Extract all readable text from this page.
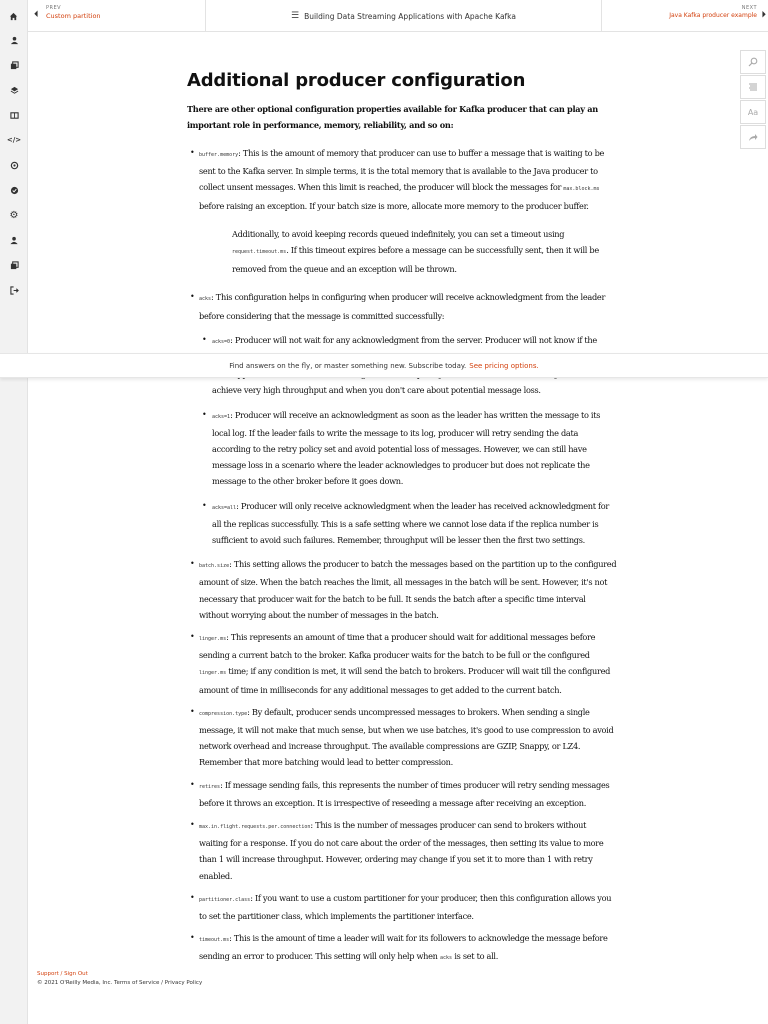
⏴
PREV
Custom partition	☰ Building Data Streaming Applications with Apache Kafka
NEXT
Java Kafka producer example ⏵
</>
⚙
Aa
Additional producer configuration

There are other optional configuration properties available for Kafka producer that can play an important role in performance, memory, reliability, and so on:

• buffer.memory: This is the amount of memory that producer can use to buffer a message that is waiting to be sent to the Kafka server. In simple terms, it is the total memory that is available to the Java producer to collect unsent messages. When this limit is reached, the producer will block the messages for max.block.ms before raising an exception. If your batch size is more, allocate more memory to the producer buffer.
Additionally, to avoid keeping records queued indefinitely, you can set a timeout using request.timeout.ms. If this timeout expires before a message can be successfully sent, then it will be removed from the queue and an exception will be thrown.
• acks: This configuration helps in configuring when producer will receive acknowledgment from the leader before considering that the message is committed successfully:
• acks=0: Producer will not wait for any acknowledgment from the server. Producer will not know if the achieve very high throughput and when you don't care about potential message loss.
• acks=1: Producer will receive an acknowledgment as soon as the leader has written the message to its local log. If the leader fails to write the message to its log, producer will retry sending the data according to the retry policy set and avoid potential loss of messages. However, we can still have message loss in a scenario where the leader acknowledges to producer but does not replicate the message to the other broker before it goes down.
• acks=all: Producer will only receive acknowledgment when the leader has received acknowledgment for all the replicas successfully. This is a safe setting where we cannot lose data if the replica number is sufficient to avoid such failures. Remember, throughput will be lesser then the first two settings.
• batch.size: This setting allows the producer to batch the messages based on the partition up to the configured amount of size. When the batch reaches the limit, all messages in the batch will be sent. However, it's not necessary that producer wait for the batch to be full. It sends the batch after a specific time interval without worrying about the number of messages in the batch.
• linger.ms: This represents an amount of time that a producer should wait for additional messages before sending a current batch to the broker. Kafka producer waits for the batch to be full or the configured linger.ms time; if any condition is met, it will send the batch to brokers. Producer will wait till the configured amount of time in milliseconds for any additional messages to get added to the current batch.
• compression.type: By default, producer sends uncompressed messages to brokers. When sending a single message, it will not make that much sense, but when we use batches, it's good to use compression to avoid network overhead and increase throughput. The available compressions are GZIP, Snappy, or LZ4. Remember that more batching would lead to better compression.
• retires: If message sending fails, this represents the number of times producer will retry sending messages before it throws an exception. It is irrespective of reseeding a message after receiving an exception.
• max.in.flight.requests.per.connection: This is the number of messages producer can send to brokers without waiting for a response. If you do not care about the order of the messages, then setting its value to more than 1 will increase throughput. However, ordering may change if you set it to more than 1 with retry enabled.
• partitioner.class: If you want to use a custom partitioner for your producer, then this configuration allows you to set the partitioner class, which implements the partitioner interface.
• timeout.ms: This is the amount of time a leader will wait for its followers to acknowledge the message before sending an error to producer. This setting will only help when acks is set to all.
Find answers on the fly, or master something new. Subscribe today. See pricing options.
Support / Sign Out
© 2021 O'Reilly Media, Inc. Terms of Service / Privacy Policy
